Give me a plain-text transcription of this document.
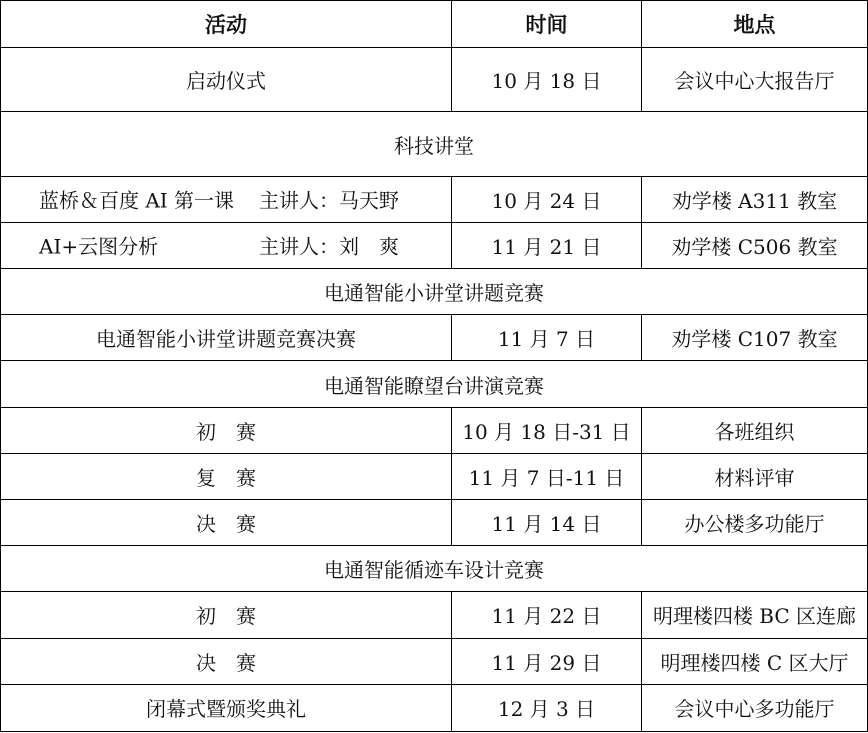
活动	时间	地点
启动仪式	10 月 18 日	会议中心大报告厅
科技讲堂		

蓝桥＆百度 AI 第一课 主讲人：马天野	10 月 24 日	劝学楼 A311 教室

AI+云图分析 主讲人：刘　爽	11 月 21 日	劝学楼 C506 教室
电通智能小讲堂讲题竞赛		
电通智能小讲堂讲题竞赛决赛	11 月 7 日	劝学楼 C107 教室
电通智能瞭望台讲演竞赛		
初　赛	10 月 18 日-31 日	各班组织
复　赛	11 月 7 日-11 日	材料评审
决　赛	11 月 14 日	办公楼多功能厅
电通智能循迹车设计竞赛		
初　赛	11 月 22 日	明理楼四楼 BC 区连廊
决　赛	11 月 29 日	明理楼四楼 C 区大厅
闭幕式暨颁奖典礼	12 月 3 日	会议中心多功能厅
